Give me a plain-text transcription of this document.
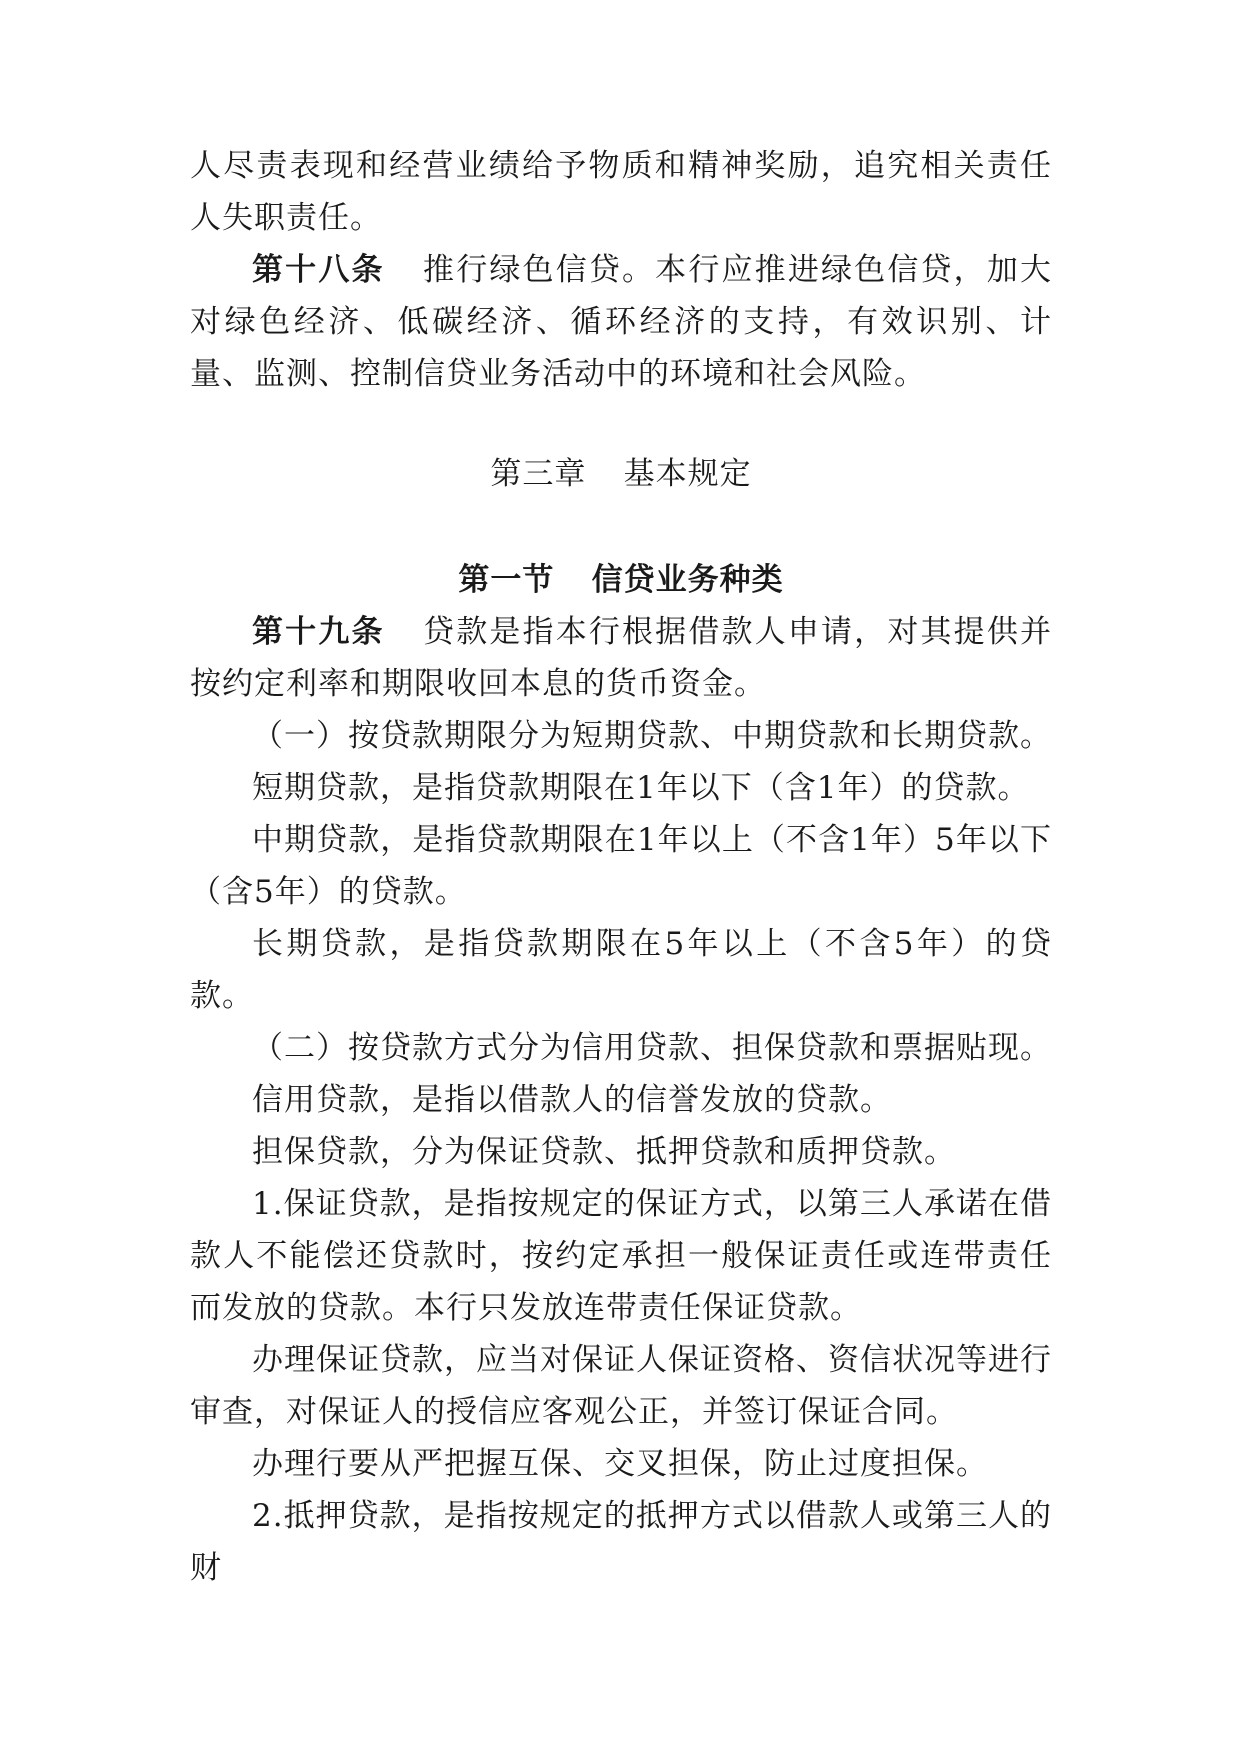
人尽责表现和经营业绩给予物质和精神奖励，追究相关责任人失职责任。

第十八条 推行绿色信贷。本行应推进绿色信贷，加大对绿色经济、低碳经济、循环经济的支持，有效识别、计量、监测、控制信贷业务活动中的环境和社会风险。

第三章 基本规定
第一节 信贷业务种类

第十九条 贷款是指本行根据借款人申请，对其提供并按约定利率和期限收回本息的货币资金。

（一）按贷款期限分为短期贷款、中期贷款和长期贷款。

短期贷款，是指贷款期限在1年以下（含1年）的贷款。

中期贷款，是指贷款期限在1年以上（不含1年）5年以下（含5年）的贷款。

长期贷款，是指贷款期限在5年以上（不含5年）的贷款。

（二）按贷款方式分为信用贷款、担保贷款和票据贴现。

信用贷款，是指以借款人的信誉发放的贷款。

担保贷款，分为保证贷款、抵押贷款和质押贷款。

1.保证贷款，是指按规定的保证方式，以第三人承诺在借款人不能偿还贷款时，按约定承担一般保证责任或连带责任而发放的贷款。本行只发放连带责任保证贷款。

办理保证贷款，应当对保证人保证资格、资信状况等进行审查，对保证人的授信应客观公正，并签订保证合同。

办理行要从严把握互保、交叉担保，防止过度担保。

2.抵押贷款，是指按规定的抵押方式以借款人或第三人的财
